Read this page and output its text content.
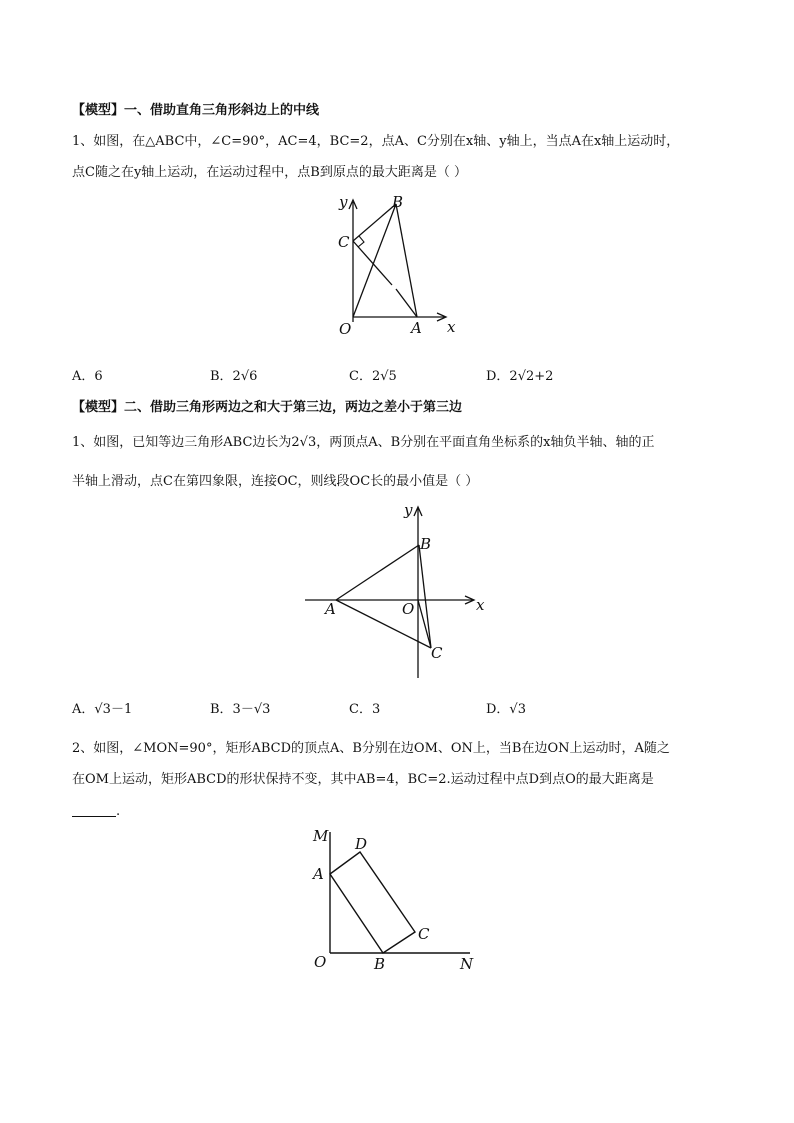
【模型】一、借助直角三角形斜边上的中线
1、如图，在△ABC中，∠C=90°，AC=4，BC=2，点A、C分别在x轴、y轴上，当点A在x轴上运动时，
点C随之在y轴上运动，在运动过程中，点B到原点的最大距离是（ ）
y	B
C
O	A x
A．6	B．2√6	C．2√5	D．2√2+2
【模型】二、借助三角形两边之和大于第三边，两边之差小于第三边
1、如图，已知等边三角形ABC边长为2√3，两顶点A、B分别在平面直角坐标系的x轴负半轴、轴的正
半轴上滑动，点C在第四象限，连接OC，则线段OC长的最小值是（ ）
y
B
A	O	x
C
A．√3－1	B．3－√3	C．3	D．√3
2、如图，∠MON=90°，矩形ABCD的顶点A、B分别在边OM、ON上，当B在边ON上运动时，A随之
在OM上运动，矩形ABCD的形状保持不变，其中AB=4，BC=2.运动过程中点D到点O的最大距离是
.
M D
A
C
O	B	N
